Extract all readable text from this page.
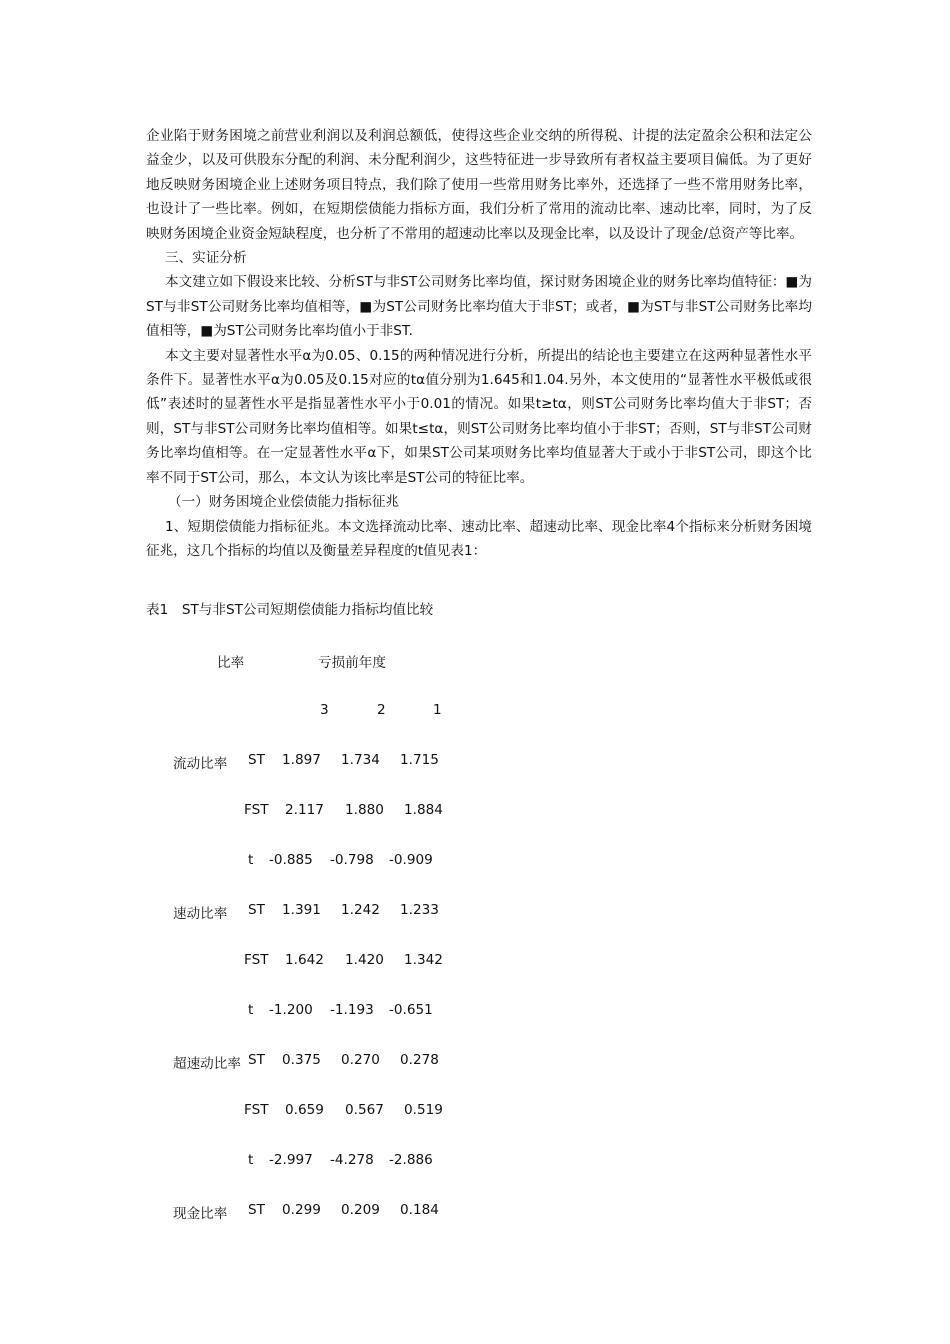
企业陷于财务困境之前营业利润以及利润总额低，使得这些企业交纳的所得税、计提的法定盈余公积和法定公益金少，以及可供股东分配的利润、未分配利润少，这些特征进一步导致所有者权益主要项目偏低。为了更好地反映财务困境企业上述财务项目特点，我们除了使用一些常用财务比率外，还选择了一些不常用财务比率，也设计了一些比率。例如，在短期偿债能力指标方面，我们分析了常用的流动比率、速动比率，同时，为了反映财务困境企业资金短缺程度，也分析了不常用的超速动比率以及现金比率，以及设计了现金/总资产等比率。

三、实证分析

本文建立如下假设来比较、分析ST与非ST公司财务比率均值，探讨财务困境企业的财务比率均值特征：■为ST与非ST公司财务比率均值相等，■为ST公司财务比率均值大于非ST；或者，■为ST与非ST公司财务比率均值相等，■为ST公司财务比率均值小于非ST.

本文主要对显著性水平α为0.05、0.15的两种情况进行分析，所提出的结论也主要建立在这两种显著性水平条件下。显著性水平α为0.05及0.15对应的tα值分别为1.645和1.04.另外，本文使用的“显著性水平极低或很低”表述时的显著性水平是指显著性水平小于0.01的情况。如果t≥tα，则ST公司财务比率均值大于非ST；否则，ST与非ST公司财务比率均值相等。如果t≤tα，则ST公司财务比率均值小于非ST；否则，ST与非ST公司财务比率均值相等。在一定显著性水平α下，如果ST公司某项财务比率均值显著大于或小于非ST公司，即这个比率不同于ST公司，那么，本文认为该比率是ST公司的特征比率。

（一）财务困境企业偿债能力指标征兆

1、短期偿债能力指标征兆。本文选择流动比率、速动比率、超速动比率、现金比率4个指标来分析财务困境征兆，这几个指标的均值以及衡量差异程度的t值见表1：

表1　ST与非ST公司短期偿债能力指标均值比较
比率	亏损前年度
3	2	1
流动比率 ST 1.897 1.734 1.715
FST 2.117 1.880 1.884
t -0.885 -0.798 -0.909
速动比率 ST 1.391 1.242 1.233
FST 1.642 1.420 1.342
t -1.200 -1.193 -0.651
超速动比率 ST 0.375 0.270 0.278
FST 0.659 0.567 0.519
t -2.997 -4.278 -2.886
现金比率 ST 0.299 0.209 0.184
